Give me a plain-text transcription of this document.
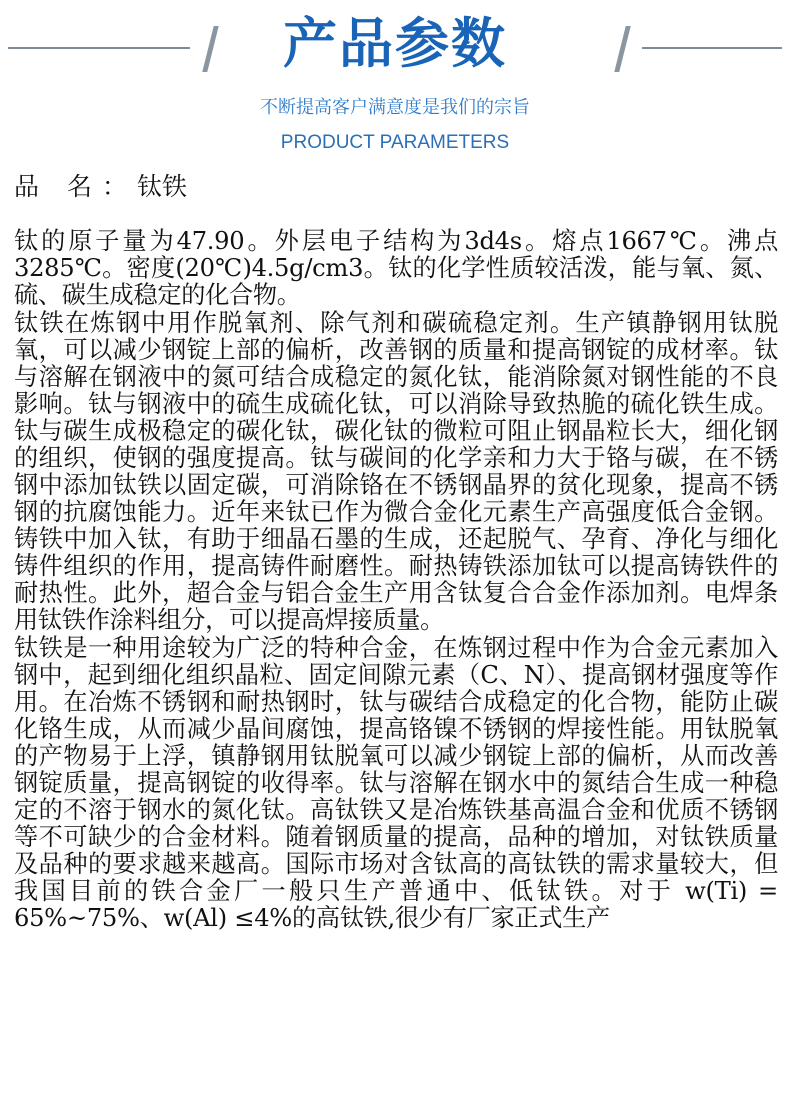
产品参数
不断提高客户满意度是我们的宗旨
PRODUCT PARAMETERS
品 名：钛铁

钛的原子量为47.90。外层电子结构为3d4s。熔点1667℃。沸点3285℃。密度(20℃)4.5g/cm3。钛的化学性质较活泼，能与氧、氮、硫、碳生成稳定的化合物。

钛铁在炼钢中用作脱氧剂、除气剂和碳硫稳定剂。生产镇静钢用钛脱氧，可以减少钢锭上部的偏析，改善钢的质量和提高钢锭的成材率。钛与溶解在钢液中的氮可结合成稳定的氮化钛，能消除氮对钢性能的不良影响。钛与钢液中的硫生成硫化钛，可以消除导致热脆的硫化铁生成。钛与碳生成极稳定的碳化钛，碳化钛的微粒可阻止钢晶粒长大，细化钢的组织，使钢的强度提高。钛与碳间的化学亲和力大于铬与碳，在不锈钢中添加钛铁以固定碳，可消除铬在不锈钢晶界的贫化现象，提高不锈钢的抗腐蚀能力。近年来钛已作为微合金化元素生产高强度低合金钢。铸铁中加入钛，有助于细晶石墨的生成，还起脱气、孕育、净化与细化铸件组织的作用，提高铸件耐磨性。耐热铸铁添加钛可以提高铸铁件的耐热性。此外，超合金与铝合金生产用含钛复合合金作添加剂。电焊条用钛铁作涂料组分，可以提高焊接质量。

钛铁是一种用途较为广泛的特种合金，在炼钢过程中作为合金元素加入钢中，起到细化组织晶粒、固定间隙元素（C、N）、提高钢材强度等作用。在冶炼不锈钢和耐热钢时，钛与碳结合成稳定的化合物，能防止碳化铬生成，从而减少晶间腐蚀，提高铬镍不锈钢的焊接性能。用钛脱氧的产物易于上浮，镇静钢用钛脱氧可以减少钢锭上部的偏析，从而改善钢锭质量，提高钢锭的收得率。钛与溶解在钢水中的氮结合生成一种稳定的不溶于钢水的氮化钛。高钛铁又是冶炼铁基高温合金和优质不锈钢等不可缺少的合金材料。随着钢质量的提高，品种的增加，对钛铁质量及品种的要求越来越高。国际市场对含钛高的高钛铁的需求量较大，但我国目前的铁合金厂一般只生产普通中、低钛铁。对于 w(Ti) = 65%~75%、w(Al) ≤4%的高钛铁,很少有厂家正式生产
